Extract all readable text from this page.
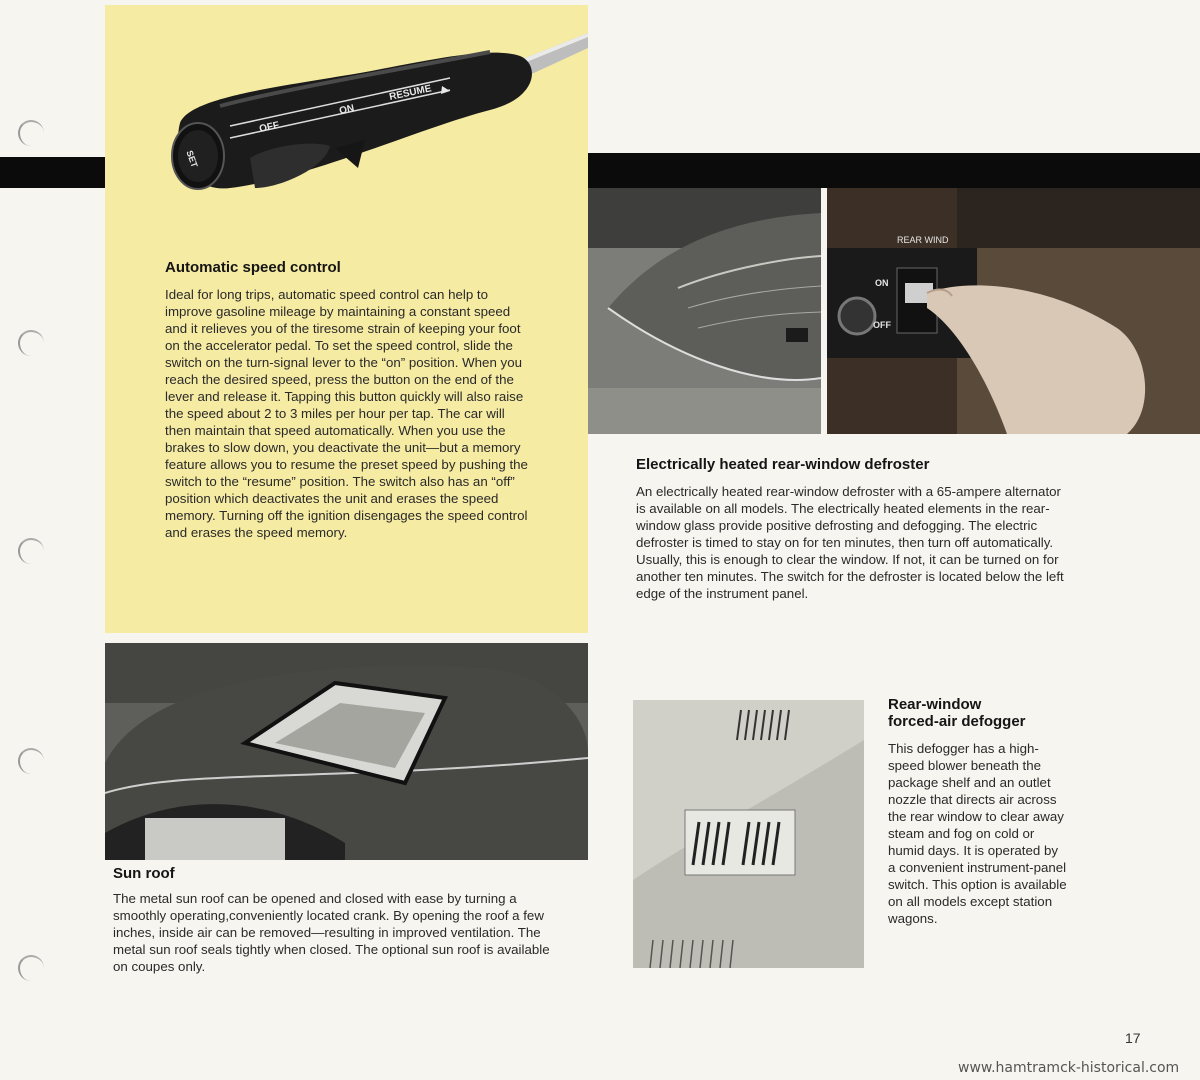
OFF
ON
RESUME
SET
Automatic speed control

Ideal for long trips, automatic speed control can help to improve gasoline mileage by maintaining a constant speed and it relieves you of the tiresome strain of keeping your foot on the accelerator pedal. To set the speed control, slide the switch on the turn-signal lever to the “on” position. When you reach the desired speed, press the button on the end of the lever and release it. Tapping this button quickly will also raise the speed about 2 to 3 miles per hour per tap. The car will then maintain that speed automatically. When you use the brakes to slow down, you deactivate the unit—but a memory feature allows you to resume the preset speed by pushing the switch to the “resume” position. The switch also has an “off” position which deactivates the unit and erases the speed memory. Turning off the ignition disengages the speed control and erases the speed memory.

REAR WIND
ON
OFF
Electrically heated rear-window defroster

An electrically heated rear-window defroster with a 65-ampere alternator is available on all models. The electrically heated elements in the rear-window glass provide positive defrosting and defogging. The electric defroster is timed to stay on for ten minutes, then turn off automatically. Usually, this is enough to clear the window. If not, it can be turned on for another ten minutes. The switch for the defroster is located below the left edge of the instrument panel.

Sun roof

The metal sun roof can be opened and closed with ease by turning a smoothly operating,conveniently located crank. By opening the roof a few inches, inside air can be removed—resulting in improved ventilation. The metal sun roof seals tightly when closed. The optional sun roof is available on coupes only.

Rear-window
forced-air defogger

This defogger has a high-speed blower beneath the package shelf and an outlet nozzle that directs air across the rear window to clear away steam and fog on cold or humid days. It is operated by a convenient instrument-panel switch. This option is available on all models except station wagons.

17
www.hamtramck-historical.com
